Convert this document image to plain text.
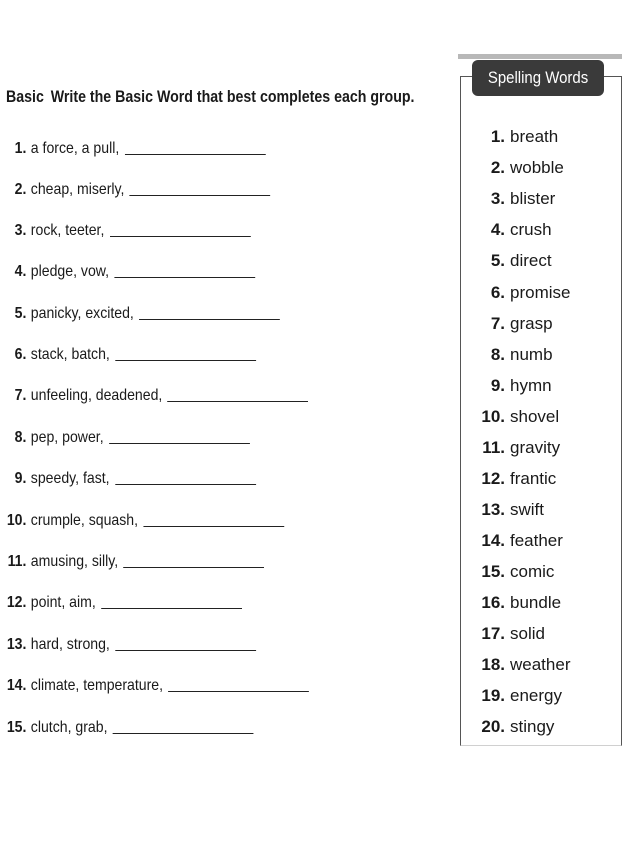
Basic Write the Basic Word that best completes each group.
1. a force, a pull,
2. cheap, miserly,
3. rock, teeter,
4. pledge, vow,
5. panicky, excited,
6. stack, batch,
7. unfeeling, deadened,
8. pep, power,
9. speedy, fast,
10. crumple, squash,
11. amusing, silly,
12. point, aim,
13. hard, strong,
14. climate, temperature,
15. clutch, grab,
Spelling Words
1. breath
2. wobble
3. blister
4. crush
5. direct
6. promise
7. grasp
8. numb
9. hymn
10. shovel
11. gravity
12. frantic
13. swift
14. feather
15. comic
16. bundle
17. solid
18. weather
19. energy
20. stingy
